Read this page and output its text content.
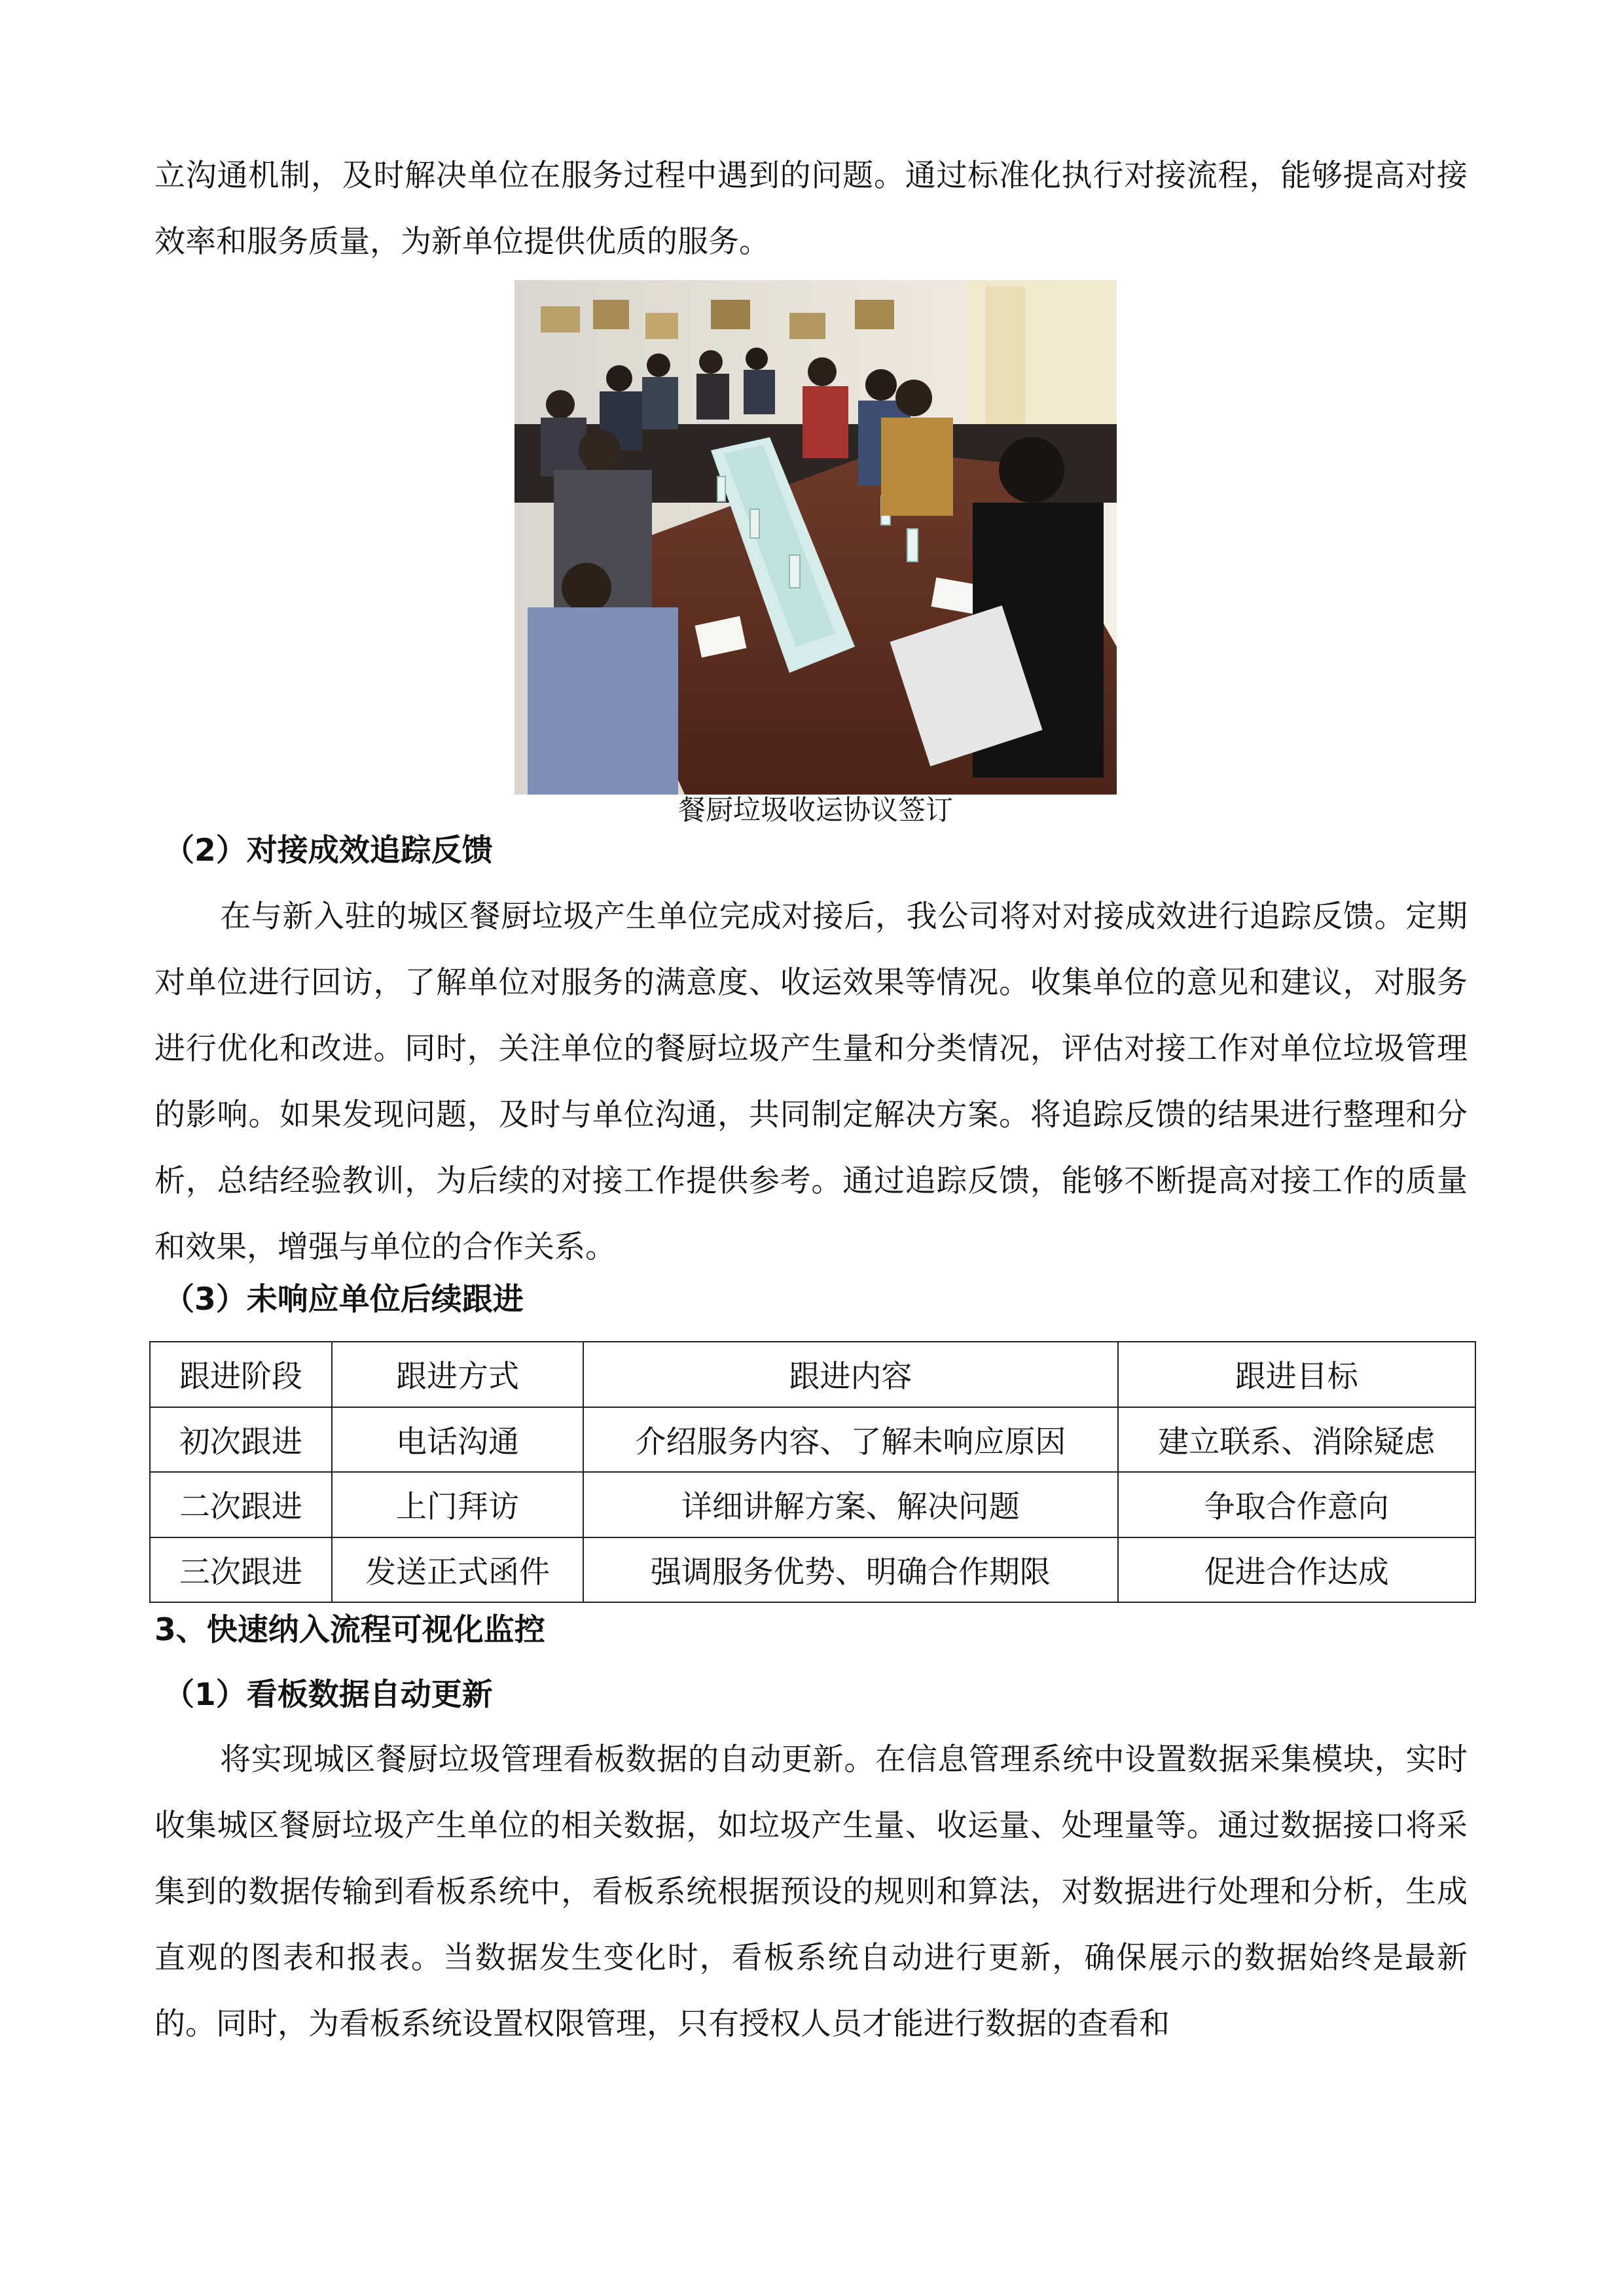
立沟通机制，及时解决单位在服务过程中遇到的问题。通过标准化执行对接流程，能够提高对接效率和服务质量，为新单位提供优质的服务。

餐厨垃圾收运协议签订
（2）对接成效追踪反馈

在与新入驻的城区餐厨垃圾产生单位完成对接后，我公司将对对接成效进行追踪反馈。定期对单位进行回访，了解单位对服务的满意度、收运效果等情况。收集单位的意见和建议，对服务进行优化和改进。同时，关注单位的餐厨垃圾产生量和分类情况，评估对接工作对单位垃圾管理的影响。如果发现问题，及时与单位沟通，共同制定解决方案。将追踪反馈的结果进行整理和分析，总结经验教训，为后续的对接工作提供参考。通过追踪反馈，能够不断提高对接工作的质量和效果，增强与单位的合作关系。

（3）未响应单位后续跟进
跟进阶段	跟进方式	跟进内容	跟进目标
初次跟进	电话沟通	介绍服务内容、了解未响应原因	建立联系、消除疑虑
二次跟进	上门拜访	详细讲解方案、解决问题	争取合作意向
三次跟进	发送正式函件	强调服务优势、明确合作期限	促进合作达成
3、快速纳入流程可视化监控
（1）看板数据自动更新

将实现城区餐厨垃圾管理看板数据的自动更新。在信息管理系统中设置数据采集模块，实时收集城区餐厨垃圾产生单位的相关数据，如垃圾产生量、收运量、处理量等。通过数据接口将采集到的数据传输到看板系统中，看板系统根据预设的规则和算法，对数据进行处理和分析，生成直观的图表和报表。当数据发生变化时，看板系统自动进行更新，确保展示的数据始终是最新的。同时，为看板系统设置权限管理，只有授权人员才能进行数据的查看和
